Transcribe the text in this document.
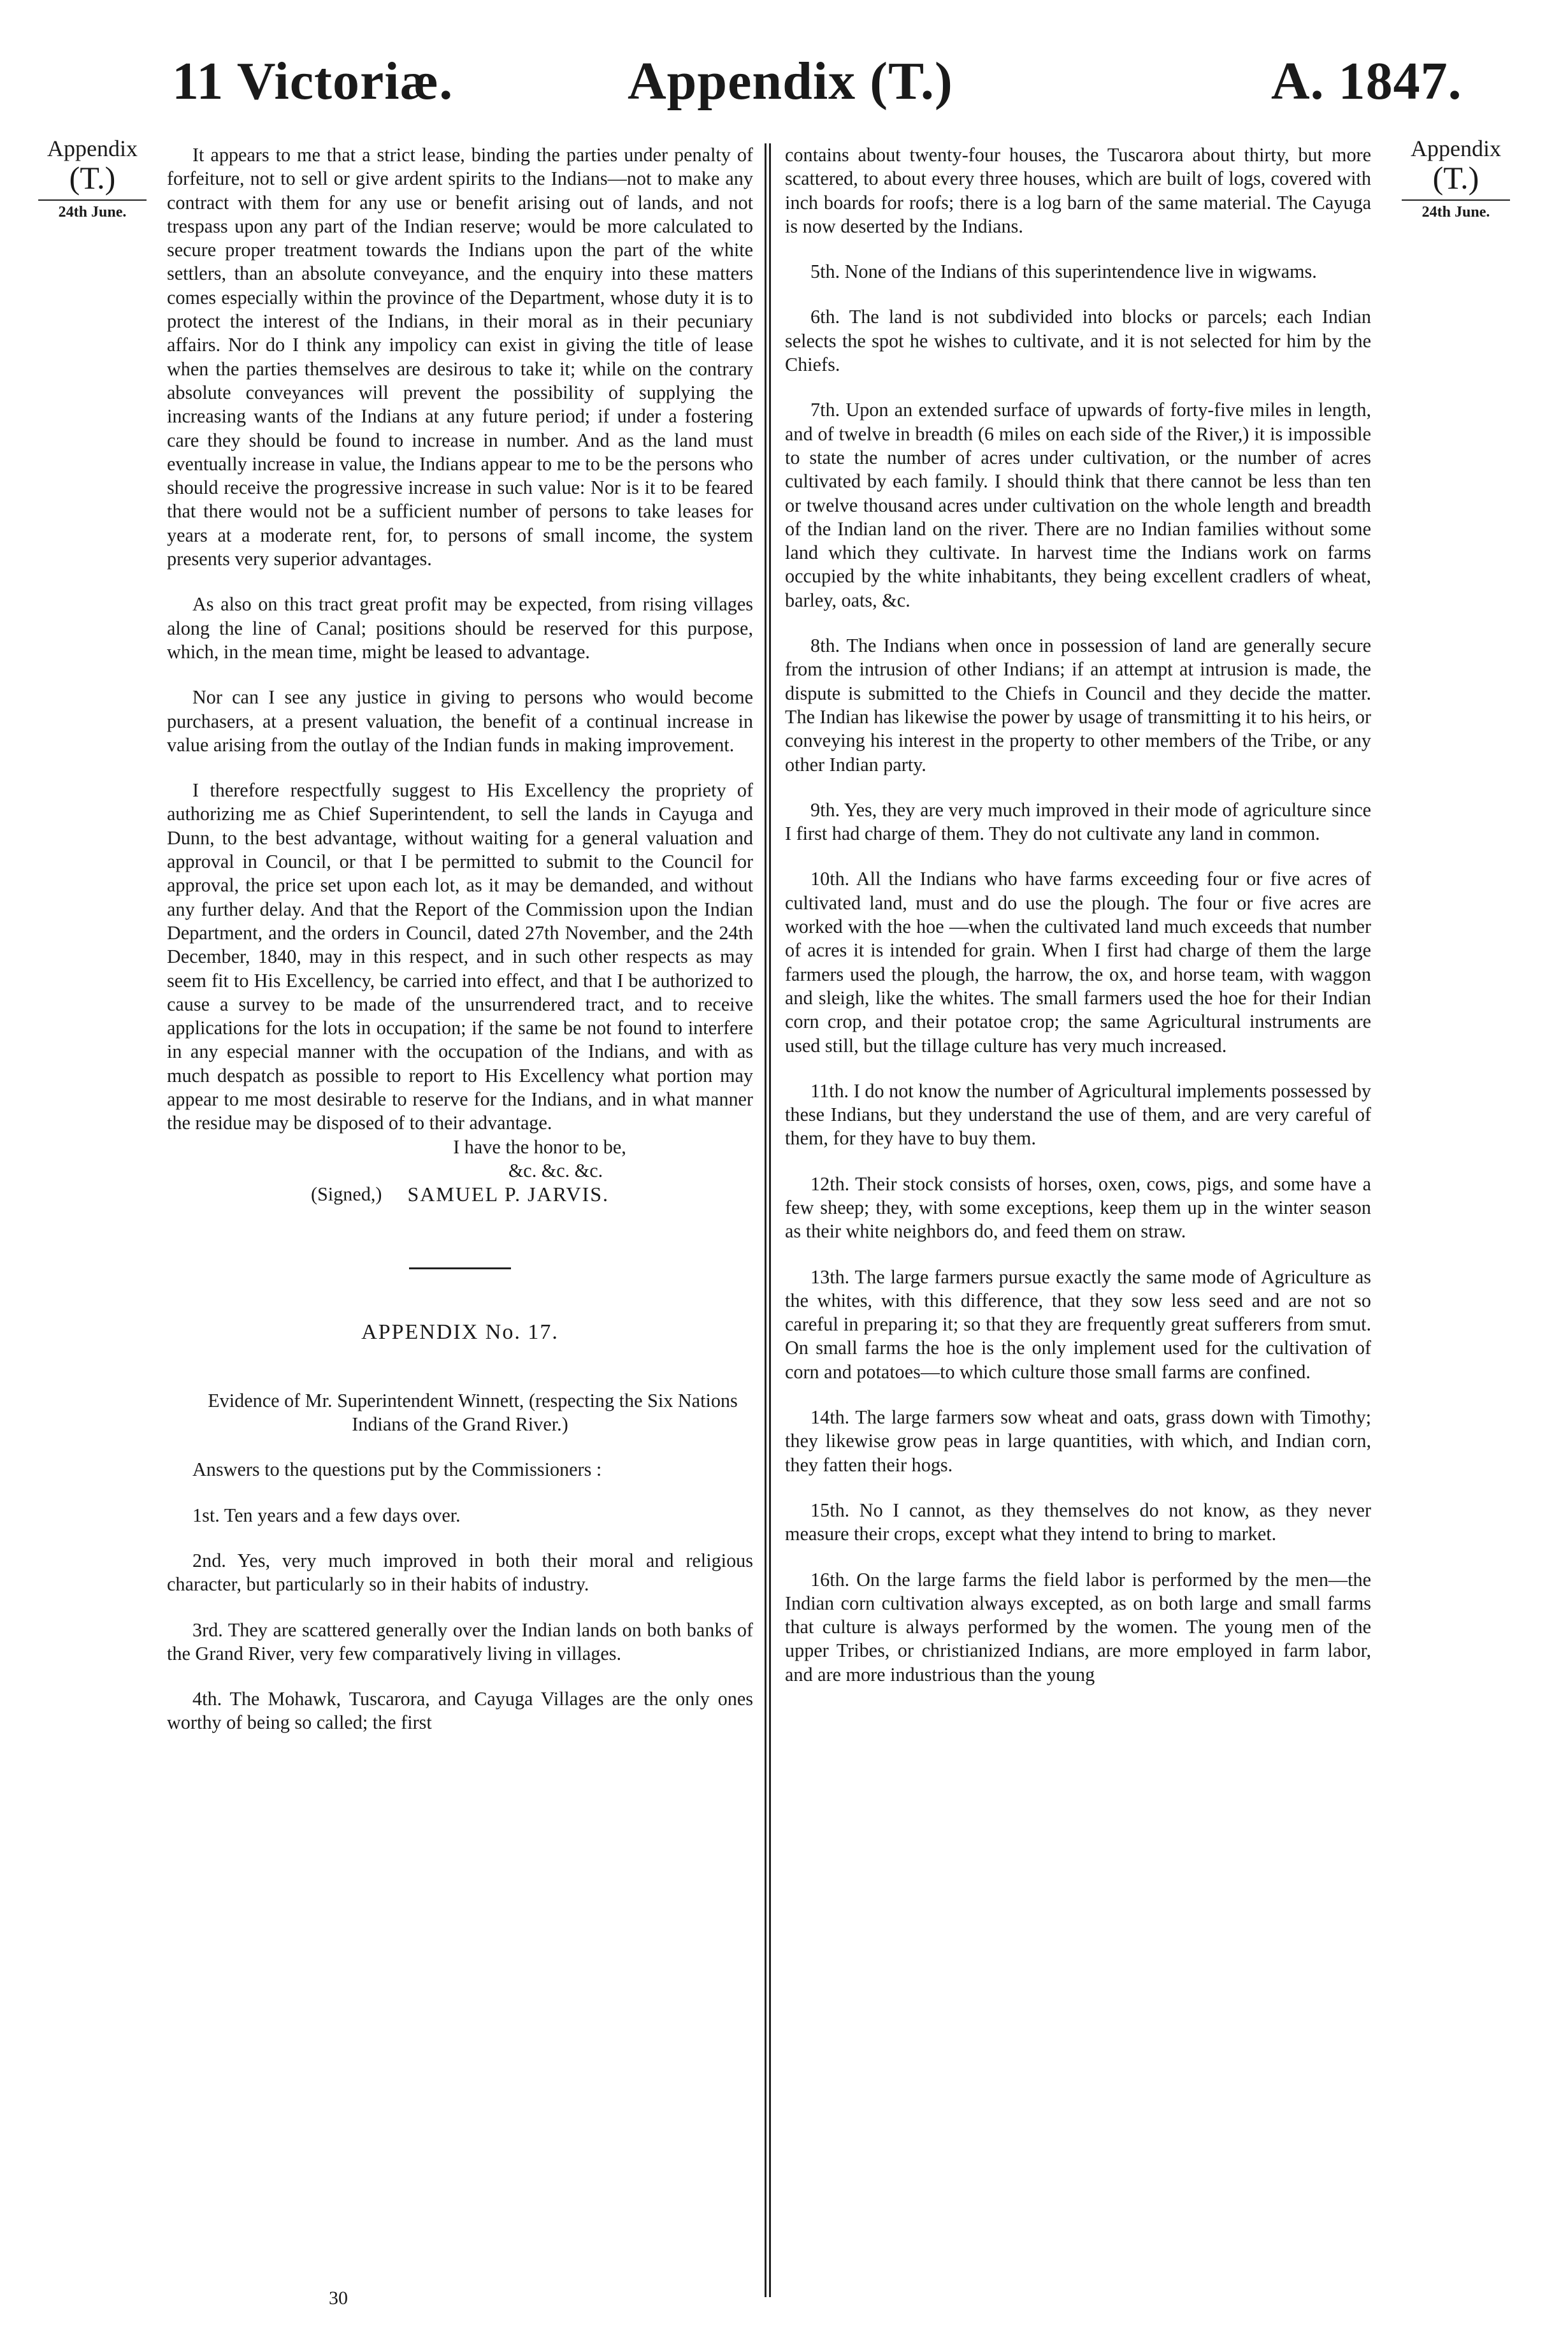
11 Victoriæ.	Appendix (T.)	A. 1847.
Appendix
(T.)
24th June.
Appendix
(T.)
24th June.

It appears to me that a strict lease, binding the parties under penalty of forfeiture, not to sell or give ardent spirits to the Indians—not to make any contract with them for any use or benefit arising out of lands, and not trespass upon any part of the Indian reserve; would be more calculated to secure proper treatment towards the Indians upon the part of the white settlers, than an absolute conveyance, and the enquiry into these matters comes especially within the province of the Department, whose duty it is to protect the interest of the Indians, in their moral as in their pecuniary affairs. Nor do I think any impolicy can exist in giving the title of lease when the parties themselves are desirous to take it; while on the contrary absolute conveyances will prevent the possibility of supplying the increasing wants of the Indians at any future period; if under a fostering care they should be found to increase in number. And as the land must eventually increase in value, the Indians appear to me to be the persons who should receive the progressive increase in such value: Nor is it to be feared that there would not be a sufficient number of persons to take leases for years at a moderate rent, for, to persons of small income, the system presents very superior advantages.

As also on this tract great profit may be expected, from rising villages along the line of Canal; positions should be reserved for this purpose, which, in the mean time, might be leased to advantage.

Nor can I see any justice in giving to persons who would become purchasers, at a present valuation, the benefit of a continual increase in value arising from the outlay of the Indian funds in making improvement.

I therefore respectfully suggest to His Excellency the propriety of authorizing me as Chief Superintendent, to sell the lands in Cayuga and Dunn, to the best advantage, without waiting for a general valuation and approval in Council, or that I be permitted to submit to the Council for approval, the price set upon each lot, as it may be demanded, and without any further delay. And that the Report of the Commission upon the Indian Department, and the orders in Council, dated 27th November, and the 24th December, 1840, may in this respect, and in such other respects as may seem fit to His Excellency, be carried into effect, and that I be authorized to cause a survey to be made of the unsurrendered tract, and to receive applications for the lots in occupation; if the same be not found to interfere in any especial manner with the occupation of the Indians, and with as much despatch as possible to report to His Excellency what portion may appear to me most desirable to reserve for the Indians, and in what manner the residue may be disposed of to their advantage.

I have the honor to be,
&c. &c. &c.
(Signed,) SAMUEL P. JARVIS.
APPENDIX No. 17.

Evidence of Mr. Superintendent Winnett, (respecting the Six Nations Indians of the Grand River.)

Answers to the questions put by the Commissioners :

1st. Ten years and a few days over.

2nd. Yes, very much improved in both their moral and religious character, but particularly so in their habits of industry.

3rd. They are scattered generally over the Indian lands on both banks of the Grand River, very few comparatively living in villages.

4th. The Mohawk, Tuscarora, and Cayuga Villages are the only ones worthy of being so called; the first

contains about twenty-four houses, the Tuscarora about thirty, but more scattered, to about every three houses, which are built of logs, covered with inch boards for roofs; there is a log barn of the same material. The Cayuga is now deserted by the Indians.

5th. None of the Indians of this superintendence live in wigwams.

6th. The land is not subdivided into blocks or parcels; each Indian selects the spot he wishes to cultivate, and it is not selected for him by the Chiefs.

7th. Upon an extended surface of upwards of forty-five miles in length, and of twelve in breadth (6 miles on each side of the River,) it is impossible to state the number of acres under cultivation, or the number of acres cultivated by each family. I should think that there cannot be less than ten or twelve thousand acres under cultivation on the whole length and breadth of the Indian land on the river. There are no Indian families without some land which they cultivate. In harvest time the Indians work on farms occupied by the white inhabitants, they being excellent cradlers of wheat, barley, oats, &c.

8th. The Indians when once in possession of land are generally secure from the intrusion of other Indians; if an attempt at intrusion is made, the dispute is submitted to the Chiefs in Council and they decide the matter. The Indian has likewise the power by usage of transmitting it to his heirs, or conveying his interest in the property to other members of the Tribe, or any other Indian party.

9th. Yes, they are very much improved in their mode of agriculture since I first had charge of them. They do not cultivate any land in common.

10th. All the Indians who have farms exceeding four or five acres of cultivated land, must and do use the plough. The four or five acres are worked with the hoe —when the cultivated land much exceeds that number of acres it is intended for grain. When I first had charge of them the large farmers used the plough, the harrow, the ox, and horse team, with waggon and sleigh, like the whites. The small farmers used the hoe for their Indian corn crop, and their potatoe crop; the same Agricultural instruments are used still, but the tillage culture has very much increased.

11th. I do not know the number of Agricultural implements possessed by these Indians, but they understand the use of them, and are very careful of them, for they have to buy them.

12th. Their stock consists of horses, oxen, cows, pigs, and some have a few sheep; they, with some exceptions, keep them up in the winter season as their white neighbors do, and feed them on straw.

13th. The large farmers pursue exactly the same mode of Agriculture as the whites, with this difference, that they sow less seed and are not so careful in preparing it; so that they are frequently great sufferers from smut. On small farms the hoe is the only implement used for the cultivation of corn and potatoes—to which culture those small farms are confined.

14th. The large farmers sow wheat and oats, grass down with Timothy; they likewise grow peas in large quantities, with which, and Indian corn, they fatten their hogs.

15th. No I cannot, as they themselves do not know, as they never measure their crops, except what they intend to bring to market.

16th. On the large farms the field labor is performed by the men—the Indian corn cultivation always excepted, as on both large and small farms that culture is always performed by the women. The young men of the upper Tribes, or christianized Indians, are more employed in farm labor, and are more industrious than the young

30
